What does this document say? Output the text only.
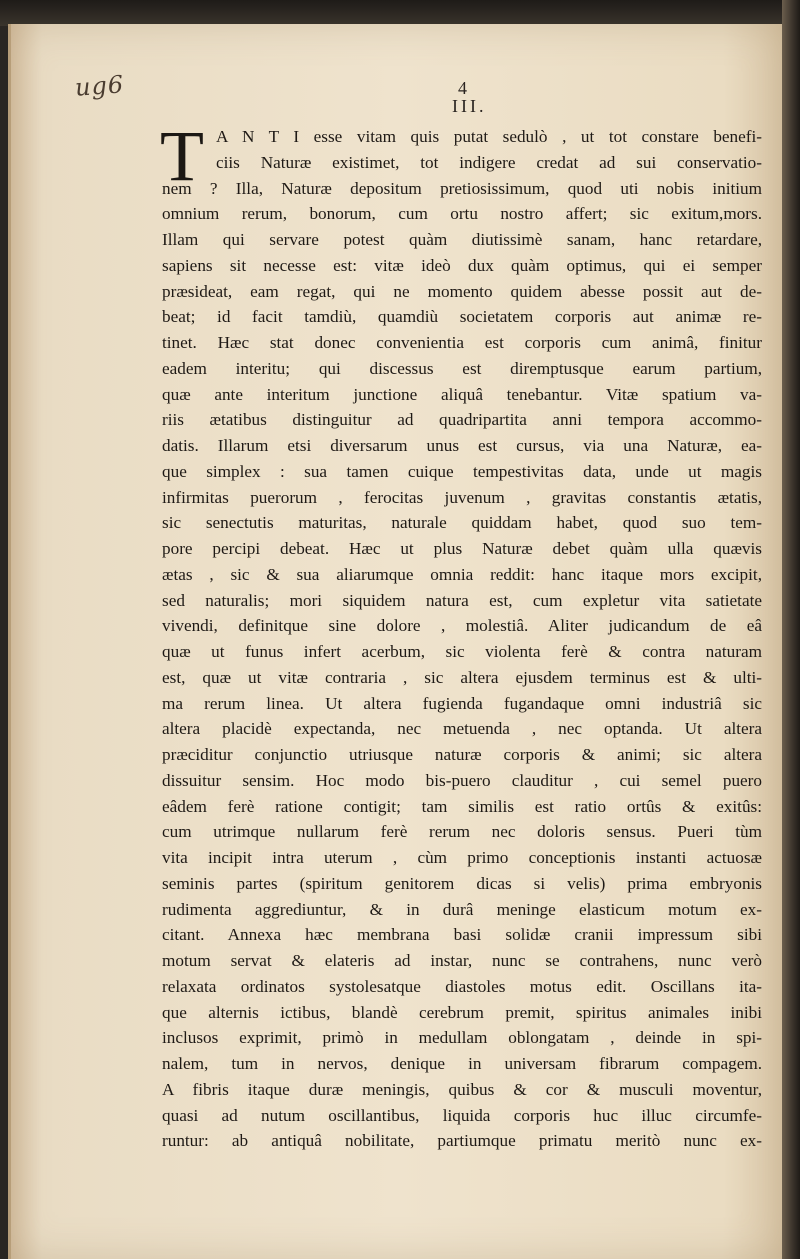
ug6	4
III.
T A N T I esse vitam quis putat sedulò , ut tot constare benefi-
ciis Naturæ existimet, tot indigere credat ad sui conservatio-
nem ? Illa, Naturæ depositum pretiosissimum, quod uti nobis initium
omnium rerum, bonorum, cum ortu nostro affert; sic exitum,mors.
Illam qui servare potest quàm diutissimè sanam, hanc retardare,
sapiens sit necesse est: vitæ ideò dux quàm optimus, qui ei semper
præsideat, eam regat, qui ne momento quidem abesse possit aut de-
beat; id facit tamdiù, quamdiù societatem corporis aut animæ re-
tinet. Hæc stat donec convenientia est corporis cum animâ, finitur
eadem interitu; qui discessus est diremptusque earum partium,
quæ ante interitum junctione aliquâ tenebantur. Vitæ spatium va-
riis ætatibus distinguitur ad quadripartita anni tempora accommo-
datis. Illarum etsi diversarum unus est cursus, via una Naturæ, ea-
que simplex : sua tamen cuique tempestivitas data, unde ut magis
infirmitas puerorum , ferocitas juvenum , gravitas constantis ætatis,
sic senectutis maturitas, naturale quiddam habet, quod suo tem-
pore percipi debeat. Hæc ut plus Naturæ debet quàm ulla quævis
ætas , sic & sua aliarumque omnia reddit: hanc itaque mors excipit,
sed naturalis; mori siquidem natura est, cum expletur vita satietate
vivendi, definitque sine dolore , molestiâ. Aliter judicandum de eâ
quæ ut funus infert acerbum, sic violenta ferè & contra naturam
est, quæ ut vitæ contraria , sic altera ejusdem terminus est & ulti-
ma rerum linea. Ut altera fugienda fugandaque omni industriâ sic
altera placidè expectanda, nec metuenda , nec optanda. Ut altera
præciditur conjunctio utriusque naturæ corporis & animi; sic altera
dissuitur sensim. Hoc modo bis-puero clauditur , cui semel puero
eâdem ferè ratione contigit; tam similis est ratio ortûs & exitûs:
cum utrimque nullarum ferè rerum nec doloris sensus. Pueri tùm
vita incipit intra uterum , cùm primo conceptionis instanti actuosæ
seminis partes (spiritum genitorem dicas si velis) prima embryonis
rudimenta aggrediuntur, & in durâ meninge elasticum motum ex-
citant. Annexa hæc membrana basi solidæ cranii impressum sibi
motum servat & elateris ad instar, nunc se contrahens, nunc verò
relaxata ordinatos systolesatque diastoles motus edit. Oscillans ita-
que alternis ictibus, blandè cerebrum premit, spiritus animales inibi
inclusos exprimit, primò in medullam oblongatam , deinde in spi-
nalem, tum in nervos, denique in universam fibrarum compagem.
A fibris itaque duræ meningis, quibus & cor & musculi moventur,
quasi ad nutum oscillantibus, liquida corporis huc illuc circumfe-
runtur: ab antiquâ nobilitate, partiumque primatu meritò nunc ex-
